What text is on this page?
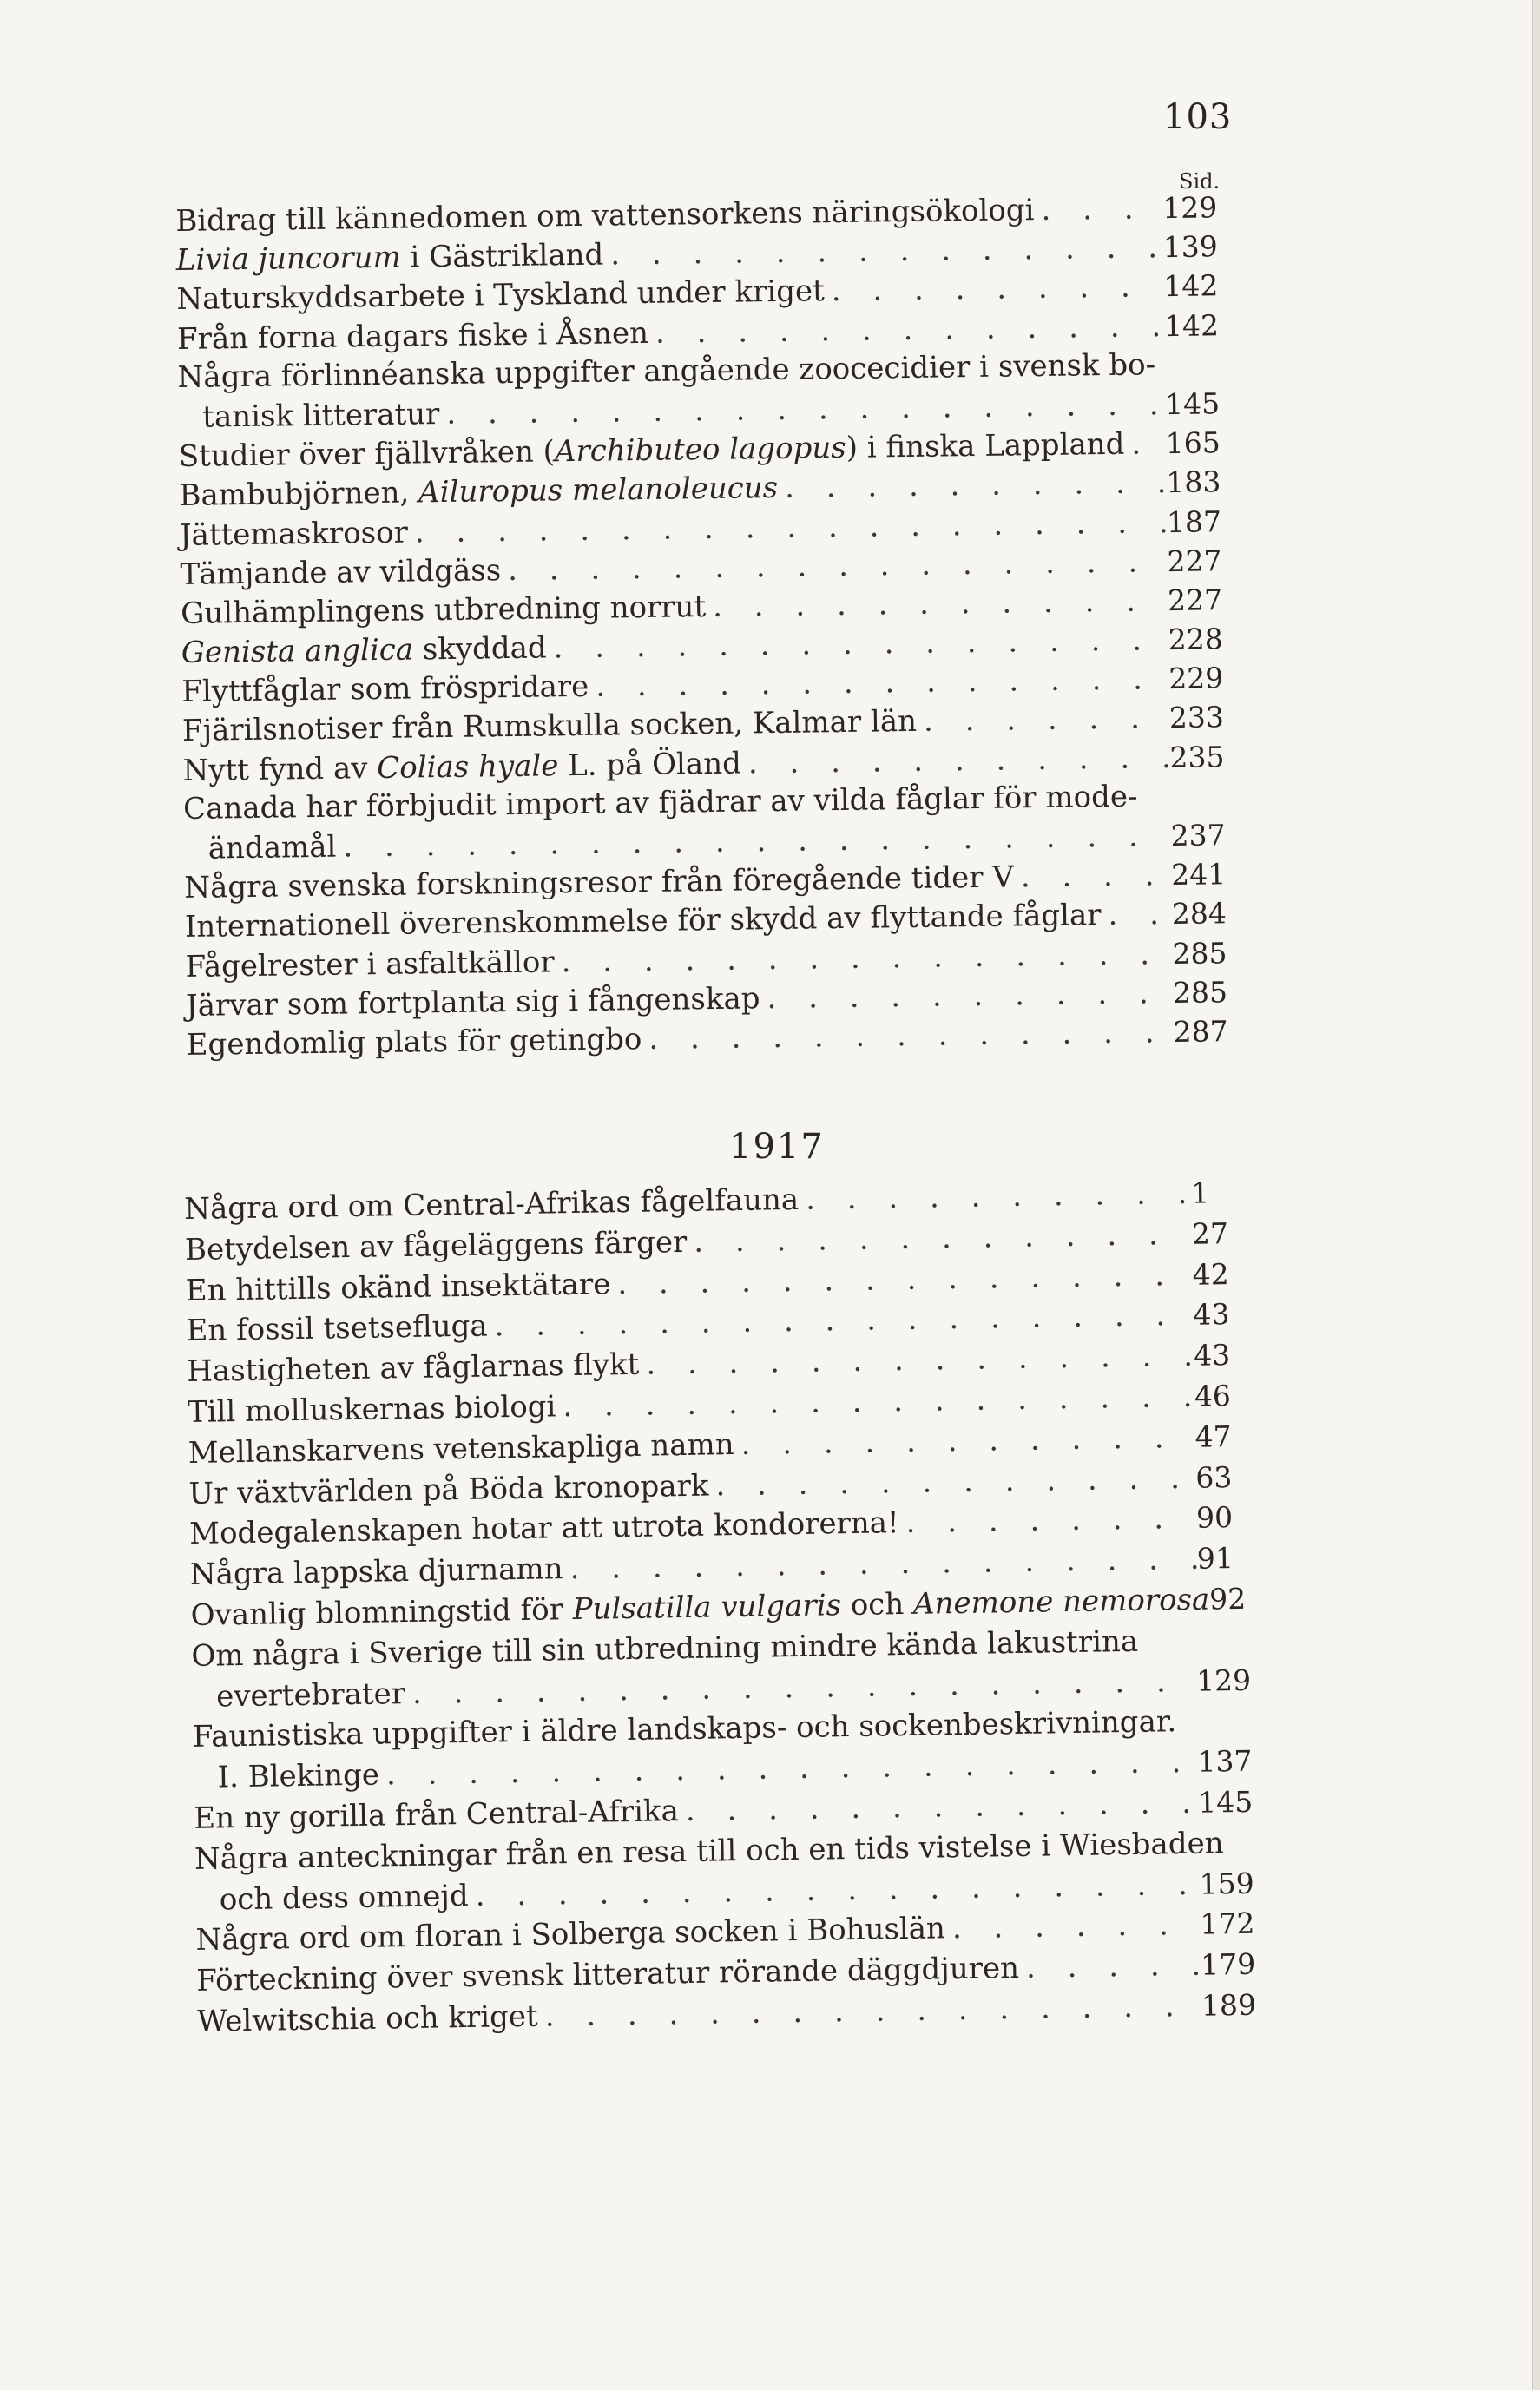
103
Sid.
Bidrag till kännedomen om vattensorkens näringsökologi . . .	129
Livia juncorum i Gästrikland . . .	139
Naturskyddsarbete i Tyskland under kriget . . .	142
Från forna dagars fiske i Åsnen . . .	142
Några förlinnéanska uppgifter angående zoocecidier i svensk bo-
tanisk litteratur . . .	145
Studier över fjällvråken (Archibuteo lagopus) i finska Lappland . . . 165
Bambubjörnen, Ailuropus melanoleucus . . .	183
Jättemaskrosor . . .	187
Tämjande av vildgäss . . .	227
Gulhämplingens utbredning norrut . . .	227
Genista anglica skyddad . . .	228
Flyttfåglar som fröspridare . . .	229
Fjärilsnotiser från Rumskulla socken, Kalmar län . . .	233
Nytt fynd av Colias hyale L. på Öland . . .	235
Canada har förbjudit import av fjädrar av vilda fåglar för mode-
ändamål . . .	237
Några svenska forskningsresor från föregående tider V . . .	241
Internationell överenskommelse för skydd av flyttande fåglar . . . 284
Fågelrester i asfaltkällor . . .	285
Järvar som fortplanta sig i fångenskap . . .	285
Egendomlig plats för getingbo . . .	287
1917
Några ord om Central-Afrikas fågelfauna . . .	1
Betydelsen av fågeläggens färger . . .	27
En hittills okänd insektätare . . .	42
En fossil tsetsefluga . . .	43
Hastigheten av fåglarnas flykt . . .	43
Till molluskernas biologi . . .	46
Mellanskarvens vetenskapliga namn . . .	47
Ur växtvärlden på Böda kronopark . . .	63
Modegalenskapen hotar att utrota kondorerna! . . .	90
Några lappska djurnamn . . .	91
Ovanlig blomningstid för Pulsatilla vulgaris och Anemone nemorosa 92
Om några i Sverige till sin utbredning mindre kända lakustrina
evertebrater . . .	129
Faunistiska uppgifter i äldre landskaps- och sockenbeskrivningar.
I. Blekinge . . .	137
En ny gorilla från Central-Afrika . . .	145
Några anteckningar från en resa till och en tids vistelse i Wiesbaden
och dess omnejd . . .	159
Några ord om floran i Solberga socken i Bohuslän . . .	172
Förteckning över svensk litteratur rörande däggdjuren . . .	179
Welwitschia och kriget . . .	189
